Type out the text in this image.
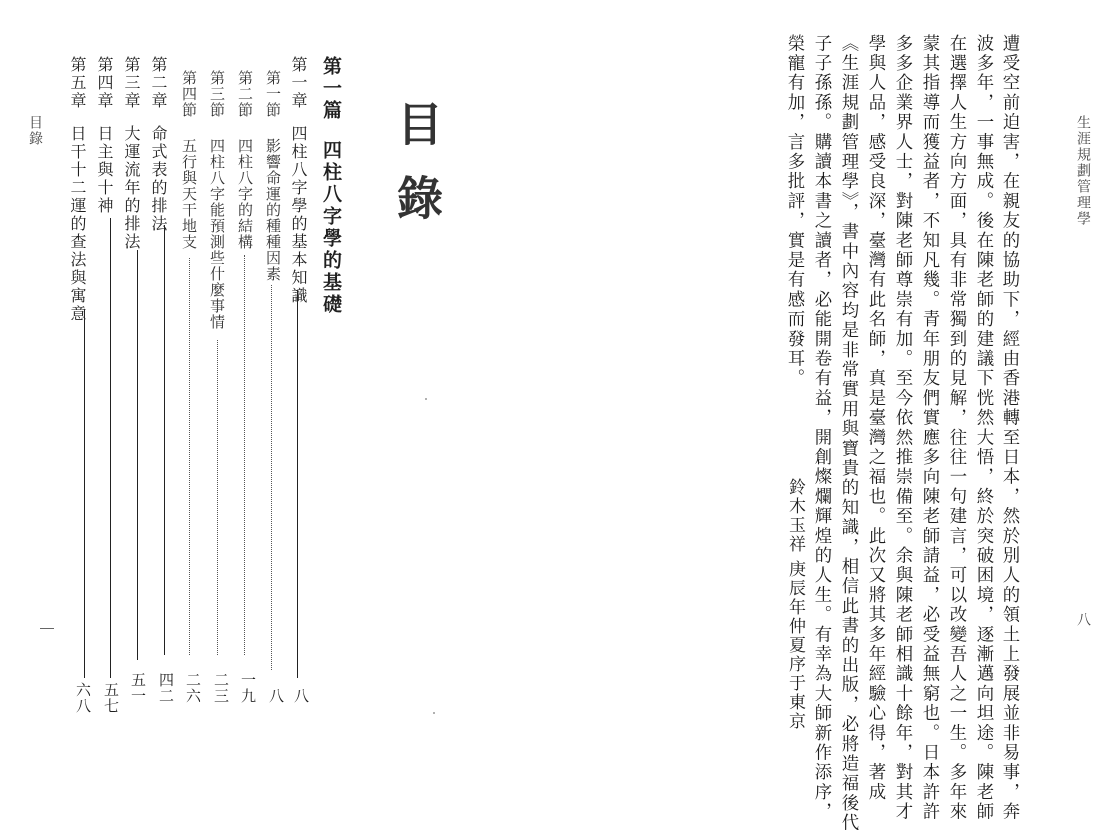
目錄	目錄
第一篇
四柱八字學的基礎
第一章
四柱八字學的基本知識
八
第一節
影響命運的種種因素
八
第二節
四柱八字的結構
一九
第三節
四柱八字能預測些什麼事情
二三
第四節
五行與天干地支
二六
第二章
命式表的排法
四二
第三章
大運流年的排法
五一
第四章
日主與十神
五七
第五章
日干十二運的查法與寓意
六八
生涯規劃管理學
八
遭受空前迫害，在親友的協助下，經由香港轉至日本，然於別人的領土上發展並非易事，奔
波多年，一事無成。後在陳老師的建議下恍然大悟，終於突破困境，逐漸邁向坦途。陳老師
在選擇人生方向方面，具有非常獨到的見解，往往一句建言，可以改變吾人之一生。多年來
蒙其指導而獲益者，不知凡幾。青年朋友們實應多向陳老師請益，必受益無窮也。日本許許
多多企業界人士，對陳老師尊崇有加。至今依然推崇備至。余與陳老師相識十餘年，對其才
學與人品，感受良深，臺灣有此名師，真是臺灣之福也。此次又將其多年經驗心得，著成
《生涯規劃管理學》，書中內容均是非常實用與寶貴的知識，相信此書的出版，必將造福後代
子子孫孫。購讀本書之讀者，必能開卷有益，開創燦爛輝煌的人生。有幸為大師新作添序，
榮寵有加，言多批評，實是有感而發耳。
鈴木玉祥
庚辰年仲夏序于東京
